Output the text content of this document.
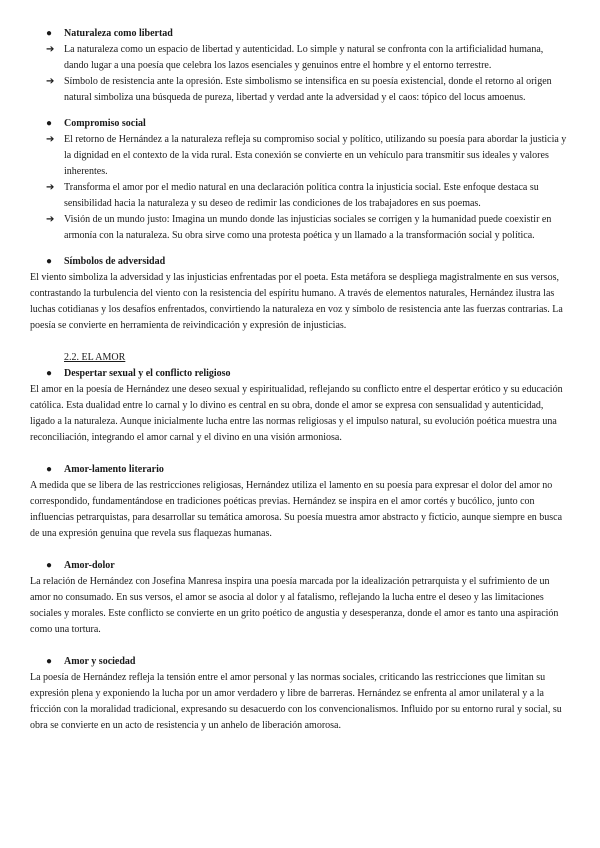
● Naturaleza como libertad
➔ La naturaleza como un espacio de libertad y autenticidad. Lo simple y natural se confronta con la artificialidad humana, dando lugar a una poesía que celebra los lazos esenciales y genuinos entre el hombre y el entorno terrestre.
➔ Símbolo de resistencia ante la opresión. Este simbolismo se intensifica en su poesía existencial, donde el retorno al origen natural simboliza una búsqueda de pureza, libertad y verdad ante la adversidad y el caos: tópico del locus amoenus.
● Compromiso social
➔ El retorno de Hernández a la naturaleza refleja su compromiso social y político, utilizando su poesía para abordar la justicia y la dignidad en el contexto de la vida rural. Esta conexión se convierte en un vehículo para transmitir sus ideales y valores inherentes.
➔ Transforma el amor por el medio natural en una declaración política contra la injusticia social. Este enfoque destaca su sensibilidad hacia la naturaleza y su deseo de redimir las condiciones de los trabajadores en sus poemas.
➔ Visión de un mundo justo: Imagina un mundo donde las injusticias sociales se corrigen y la humanidad puede coexistir en armonía con la naturaleza. Su obra sirve como una protesta poética y un llamado a la transformación social y política.
● Símbolos de adversidad

El viento simboliza la adversidad y las injusticias enfrentadas por el poeta. Esta metáfora se despliega magistralmente en sus versos, contrastando la turbulencia del viento con la resistencia del espíritu humano. A través de elementos naturales, Hernández ilustra las luchas cotidianas y los desafíos enfrentados, convirtiendo la naturaleza en voz y símbolo de resistencia ante las fuerzas contrarias. La poesía se convierte en herramienta de reivindicación y expresión de injusticias.

2.2. EL AMOR
● Despertar sexual y el conflicto religioso

El amor en la poesía de Hernández une deseo sexual y espiritualidad, reflejando su conflicto entre el despertar erótico y su educación católica. Esta dualidad entre lo carnal y lo divino es central en su obra, donde el amor se expresa con sensualidad y autenticidad, ligado a la naturaleza. Aunque inicialmente lucha entre las normas religiosas y el impulso natural, su evolución poética muestra una reconciliación, integrando el amor carnal y el divino en una visión armoniosa.

● Amor-lamento literario

A medida que se libera de las restricciones religiosas, Hernández utiliza el lamento en su poesía para expresar el dolor del amor no correspondido, fundamentándose en tradiciones poéticas previas. Hernández se inspira en el amor cortés y bucólico, junto con influencias petrarquistas, para desarrollar su temática amorosa. Su poesía muestra amor abstracto y ficticio, aunque siempre en busca de una expresión genuina que revela sus flaquezas humanas.

● Amor-dolor

La relación de Hernández con Josefina Manresa inspira una poesía marcada por la idealización petrarquista y el sufrimiento de un amor no consumado. En sus versos, el amor se asocia al dolor y al fatalismo, reflejando la lucha entre el deseo y las limitaciones sociales y morales. Este conflicto se convierte en un grito poético de angustia y desesperanza, donde el amor es tanto una aspiración como una tortura.

● Amor y sociedad

La poesía de Hernández refleja la tensión entre el amor personal y las normas sociales, criticando las restricciones que limitan su expresión plena y exponiendo la lucha por un amor verdadero y libre de barreras. Hernández se enfrenta al amor unilateral y a la fricción con la moralidad tradicional, expresando su desacuerdo con los convencionalismos. Influido por su entorno rural y social, su obra se convierte en un acto de resistencia y un anhelo de liberación amorosa.
